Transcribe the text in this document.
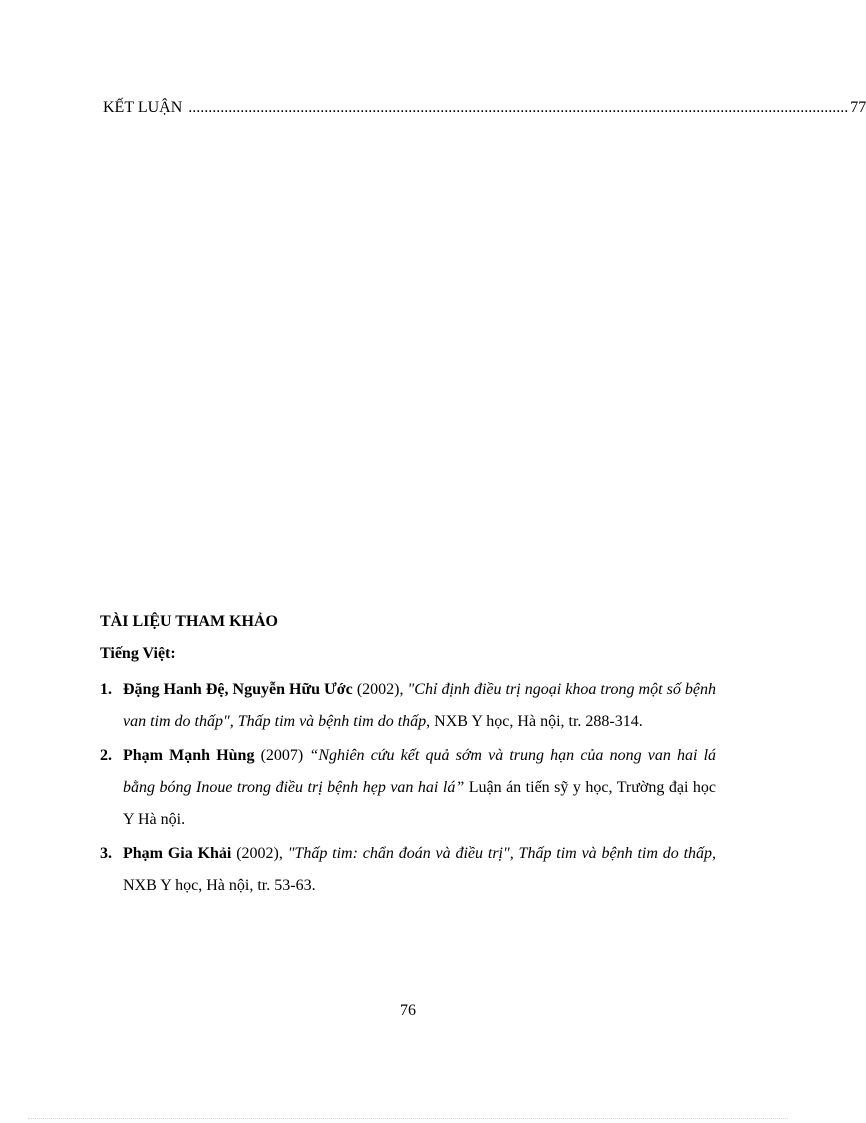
KẾT LUẬN ..................................................................................................................................................................... 77
TÀI LIỆU THAM KHẢO
Tiếng Việt:
1. Đặng Hanh Đệ, Nguyễn Hữu Ước (2002), "Chỉ định điều trị ngoại khoa trong một số bệnh van tim do thấp", Thấp tim và bệnh tim do thấp, NXB Y học, Hà nội, tr. 288-314.
2. Phạm Mạnh Hùng (2007) “Nghiên cứu kết quả sớm và trung hạn của nong van hai lá bằng bóng Inoue trong điều trị bệnh hẹp van hai lá” Luận án tiến sỹ y học, Trường đại học Y Hà nội.
3. Phạm Gia Khải (2002), "Thấp tim: chẩn đoán và điều trị", Thấp tim và bệnh tim do thấp, NXB Y học, Hà nội, tr. 53-63.
76
